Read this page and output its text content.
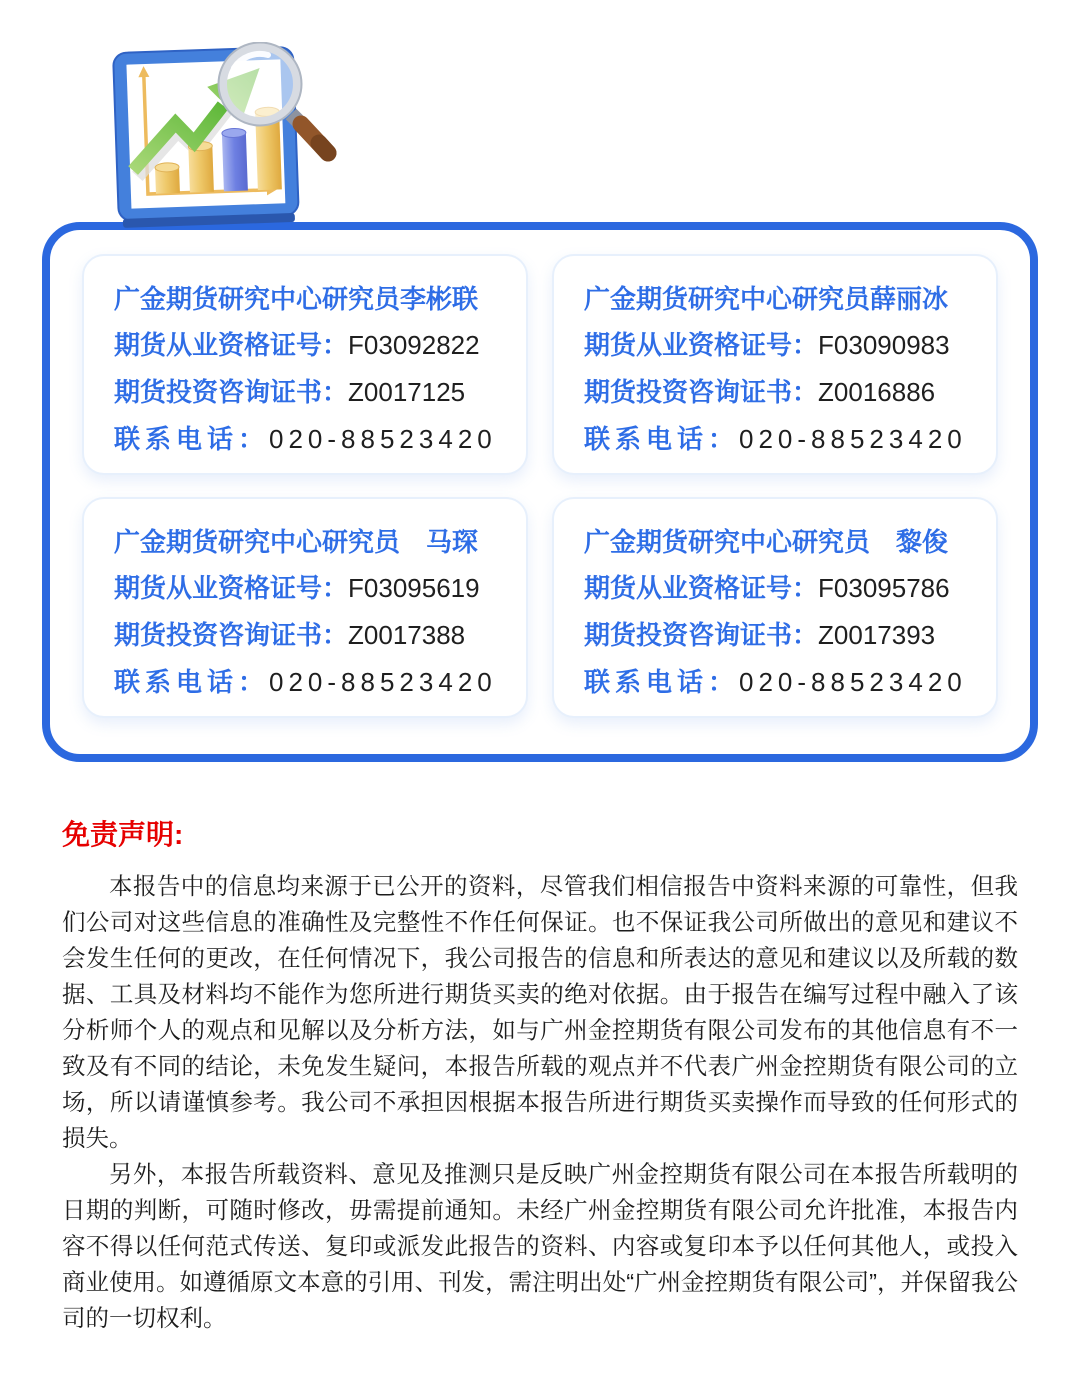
广金期货研究中心研究员李彬联

期货从业资格证号：F03092822

期货投资咨询证书：Z0017125

联系电话：020-88523420

广金期货研究中心研究员薛丽冰

期货从业资格证号：F03090983

期货投资咨询证书：Z0016886

联系电话：020-88523420

广金期货研究中心研究员　马琛

期货从业资格证号：F03095619

期货投资咨询证书：Z0017388

联系电话：020-88523420

广金期货研究中心研究员　黎俊

期货从业资格证号：F03095786

期货投资咨询证书：Z0017393

联系电话：020-88523420

免责声明:

本报告中的信息均来源于已公开的资料，尽管我们相信报告中资料来源的可靠性，但我们公司对这些信息的准确性及完整性不作任何保证。也不保证我公司所做出的意见和建议不会发生任何的更改，在任何情况下，我公司报告的信息和所表达的意见和建议以及所载的数据、工具及材料均不能作为您所进行期货买卖的绝对依据。由于报告在编写过程中融入了该分析师个人的观点和见解以及分析方法，如与广州金控期货有限公司发布的其他信息有不一致及有不同的结论，未免发生疑问，本报告所载的观点并不代表广州金控期货有限公司的立场，所以请谨慎参考。我公司不承担因根据本报告所进行期货买卖操作而导致的任何形式的损失。

另外，本报告所载资料、意见及推测只是反映广州金控期货有限公司在本报告所载明的日期的判断，可随时修改，毋需提前通知。未经广州金控期货有限公司允许批准，本报告内容不得以任何范式传送、复印或派发此报告的资料、内容或复印本予以任何其他人，或投入商业使用。如遵循原文本意的引用、刊发，需注明出处“广州金控期货有限公司”，并保留我公司的一切权利。
